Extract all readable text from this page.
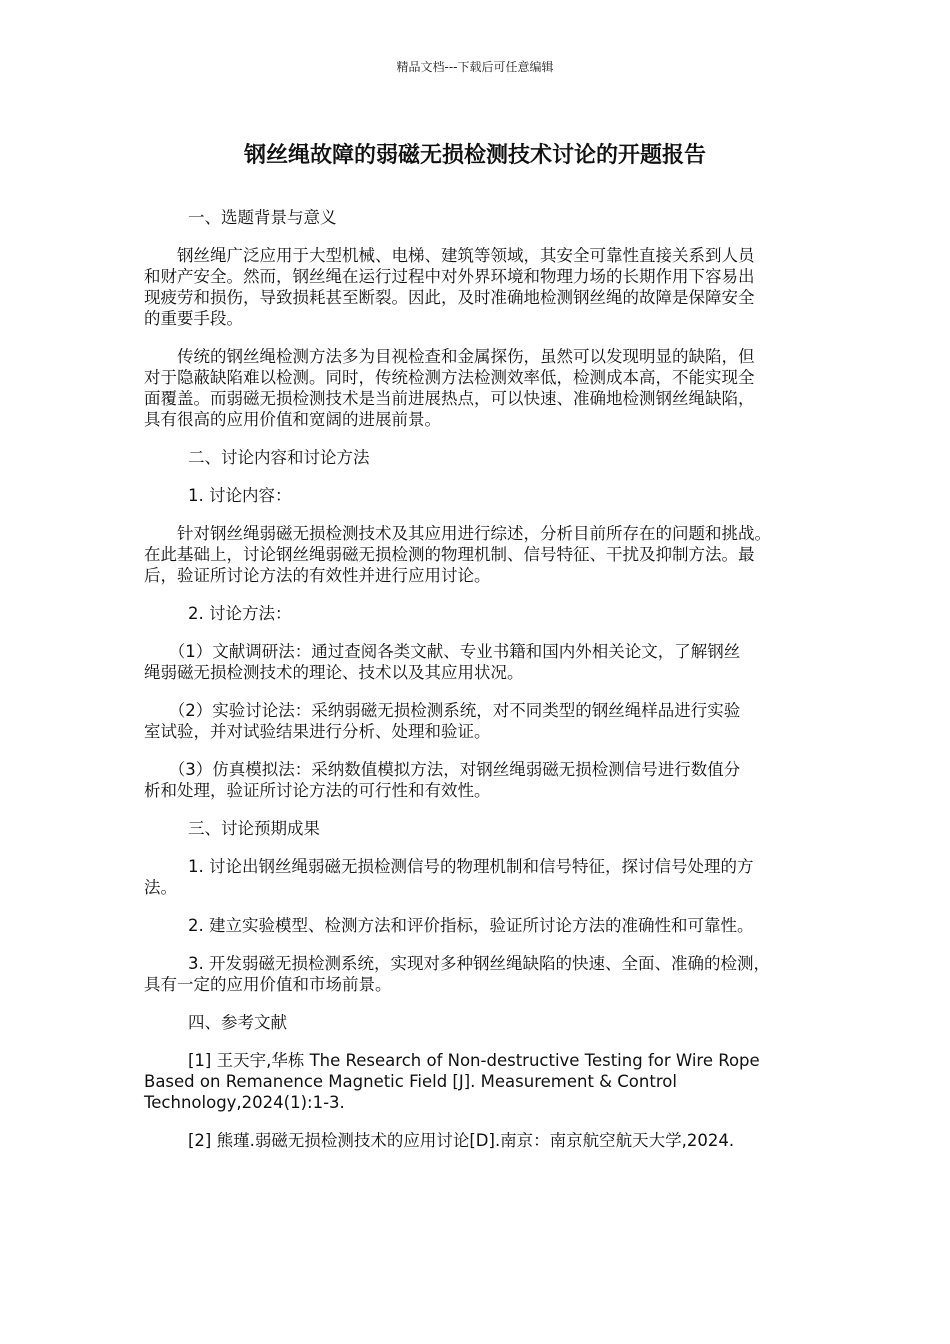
精品文档---下载后可任意编辑
钢丝绳故障的弱磁无损检测技术讨论的开题报告

一、选题背景与意义

　　钢丝绳广泛应用于大型机械、电梯、建筑等领域，其安全可靠性直接关系到人员

和财产安全。然而，钢丝绳在运行过程中对外界环境和物理力场的长期作用下容易出

现疲劳和损伤，导致损耗甚至断裂。因此，及时准确地检测钢丝绳的故障是保障安全

的重要手段。

　　传统的钢丝绳检测方法多为目视检查和金属探伤，虽然可以发现明显的缺陷，但

对于隐蔽缺陷难以检测。同时，传统检测方法检测效率低，检测成本高，不能实现全

面覆盖。而弱磁无损检测技术是当前进展热点，可以快速、准确地检测钢丝绳缺陷，

具有很高的应用价值和宽阔的进展前景。

二、讨论内容和讨论方法

1. 讨论内容：

　　针对钢丝绳弱磁无损检测技术及其应用进行综述，分析目前所存在的问题和挑战。

在此基础上，讨论钢丝绳弱磁无损检测的物理机制、信号特征、干扰及抑制方法。最

后，验证所讨论方法的有效性并进行应用讨论。

2. 讨论方法：

　　（1）文献调研法：通过查阅各类文献、专业书籍和国内外相关论文，了解钢丝

绳弱磁无损检测技术的理论、技术以及其应用状况。

　　（2）实验讨论法：采纳弱磁无损检测系统，对不同类型的钢丝绳样品进行实验

室试验，并对试验结果进行分析、处理和验证。

　　（3）仿真模拟法：采纳数值模拟方法，对钢丝绳弱磁无损检测信号进行数值分

析和处理，验证所讨论方法的可行性和有效性。

三、讨论预期成果

1. 讨论出钢丝绳弱磁无损检测信号的物理机制和信号特征，探讨信号处理的方

法。

2. 建立实验模型、检测方法和评价指标，验证所讨论方法的准确性和可靠性。

3. 开发弱磁无损检测系统，实现对多种钢丝绳缺陷的快速、全面、准确的检测，

具有一定的应用价值和市场前景。

四、参考文献

[1] 王天宇,华栋 The Research of Non-destructive Testing for Wire Rope

Based on Remanence Magnetic Field [J]. Measurement & Control

Technology,2024(1):1-3.

[2] 熊瑾.弱磁无损检测技术的应用讨论[D].南京：南京航空航天大学,2024.
